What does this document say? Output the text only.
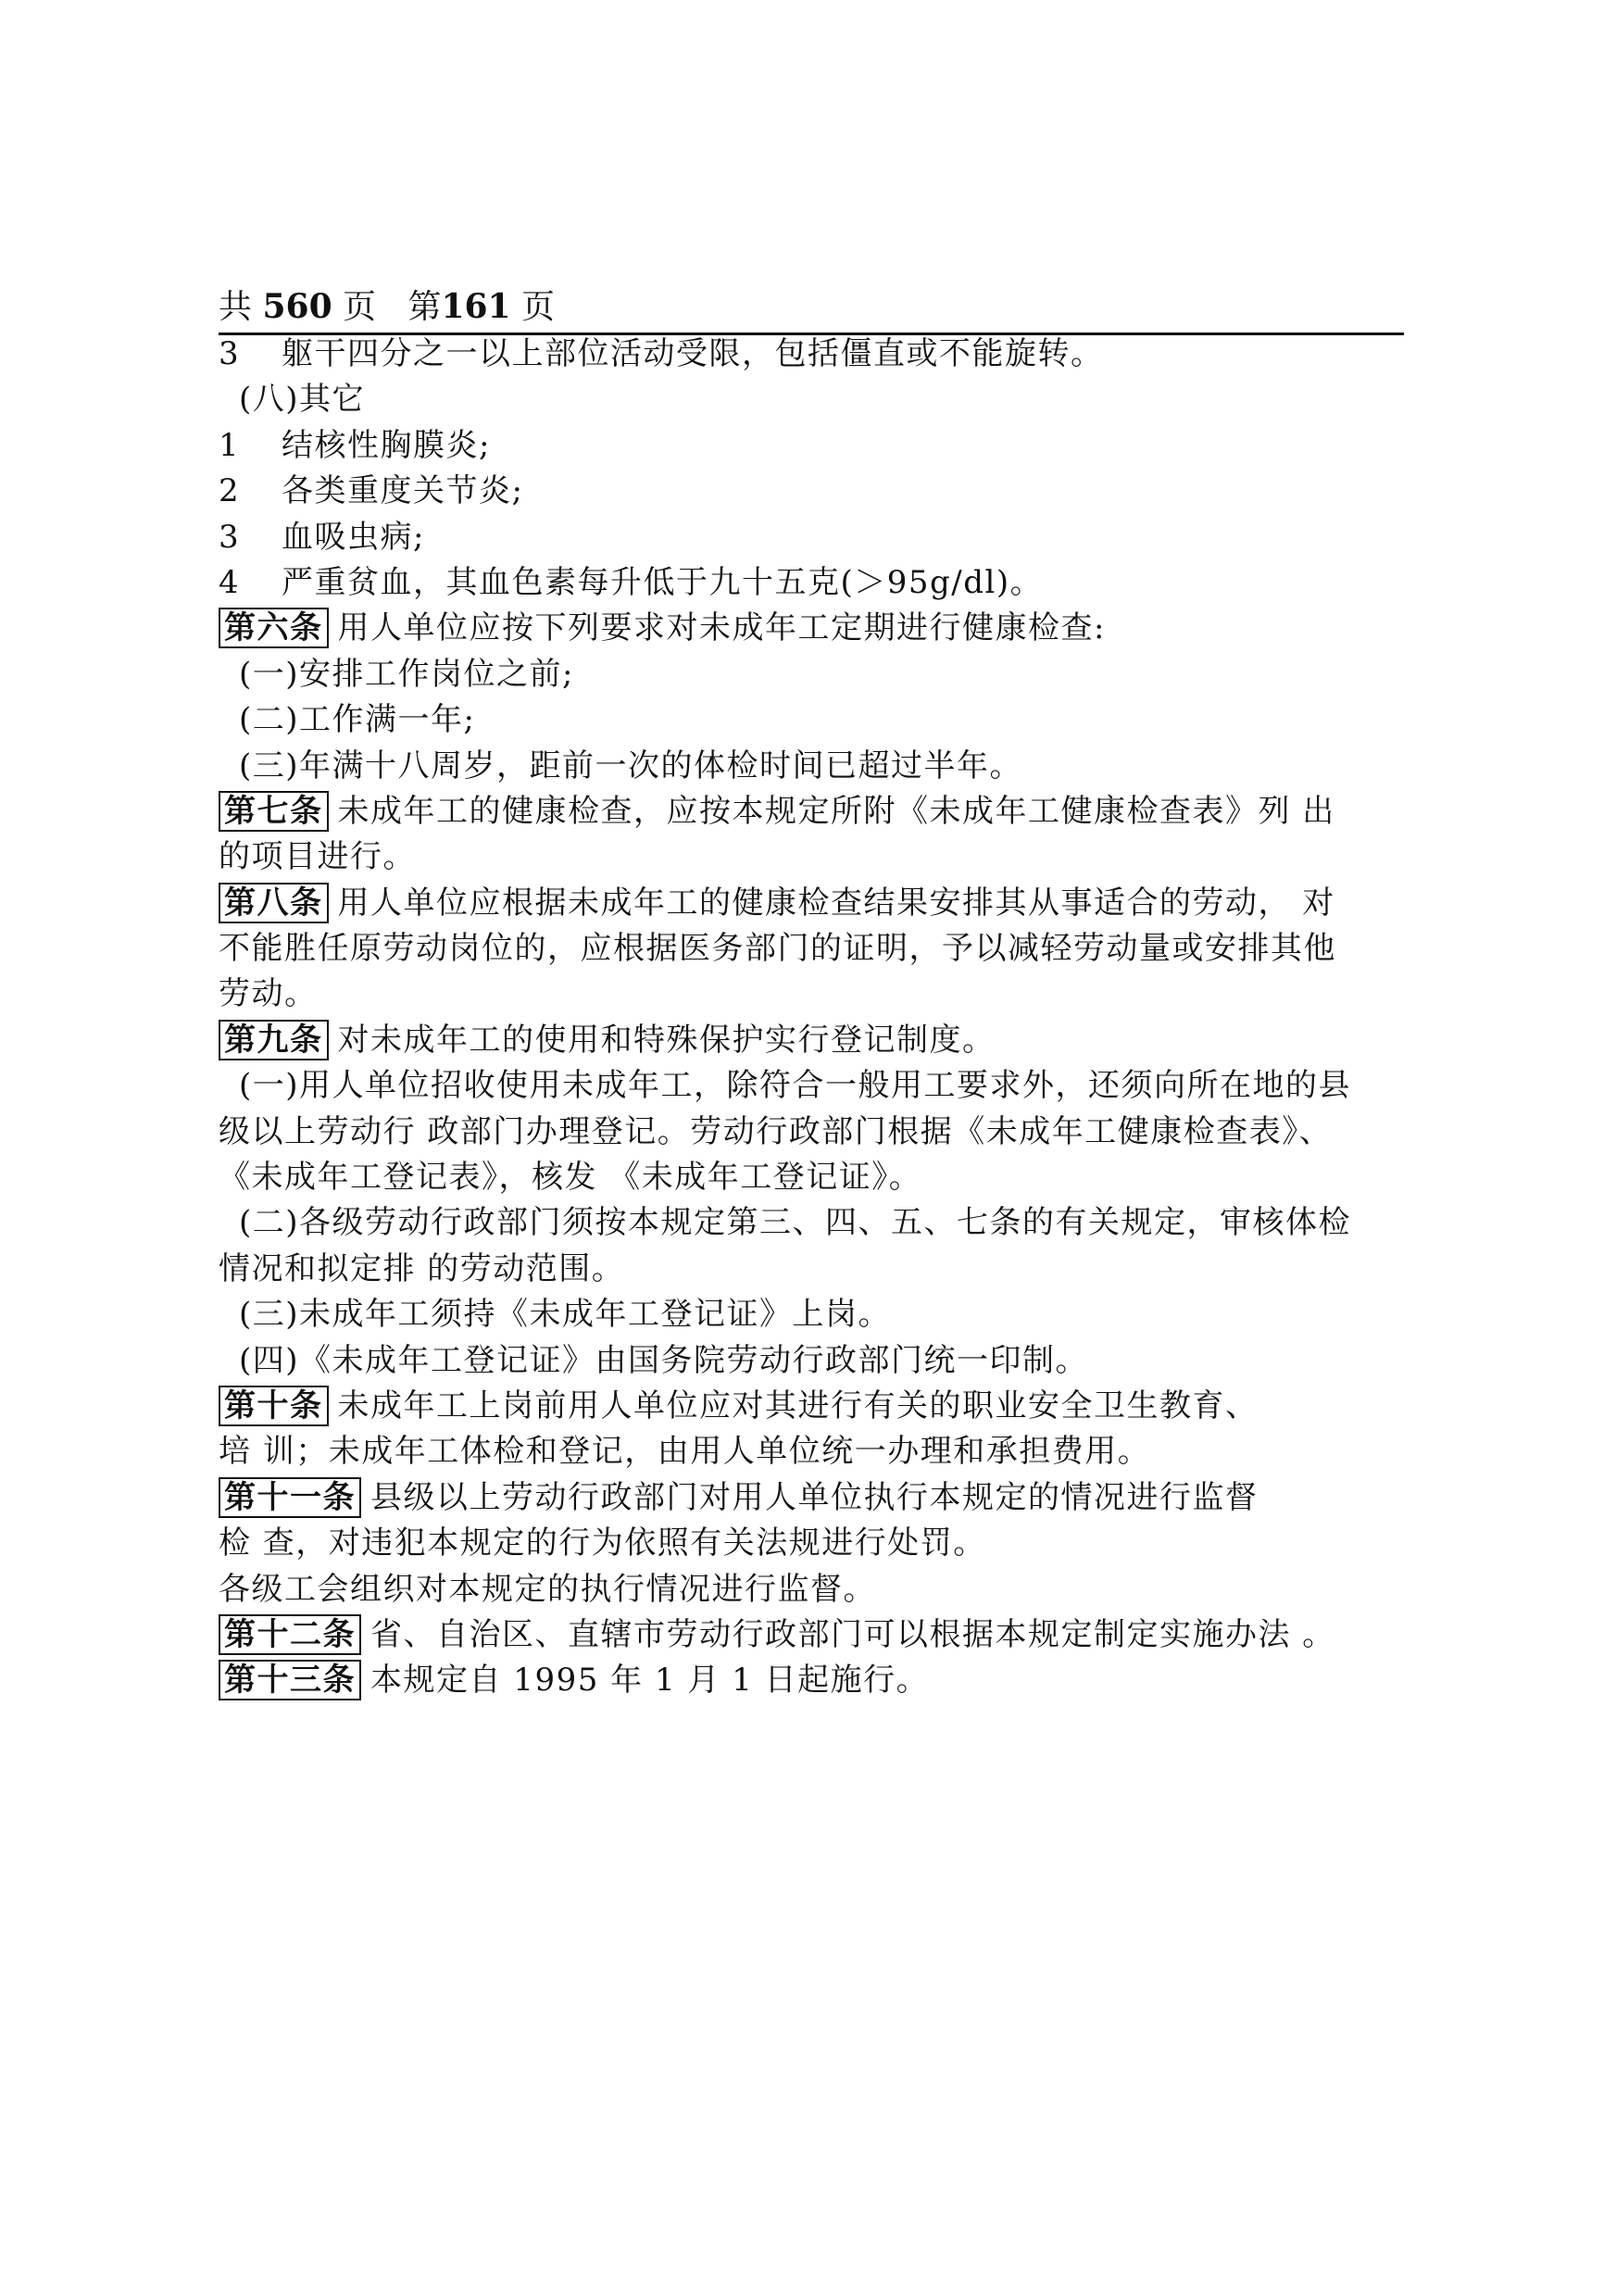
共 560 页 第161 页
3 躯干四分之一以上部位活动受限，包括僵直或不能旋转。
(八)其它
1 结核性胸膜炎;
2 各类重度关节炎;
3 血吸虫病;
4 严重贫血，其血色素每升低于九十五克(＞95g/dl)。
第六条 用人单位应按下列要求对未成年工定期进行健康检查:
(一)安排工作岗位之前;
(二)工作满一年;
(三)年满十八周岁，距前一次的体检时间已超过半年。
第七条 未成年工的健康检查，应按本规定所附《未成年工健康检查表》列 出
的项目进行。
第八条 用人单位应根据未成年工的健康检查结果安排其从事适合的劳动， 对
不能胜任原劳动岗位的，应根据医务部门的证明，予以减轻劳动量或安排其他
劳动。
第九条 对未成年工的使用和特殊保护实行登记制度。
(一)用人单位招收使用未成年工，除符合一般用工要求外，还须向所在地的县
级以上劳动行 政部门办理登记。劳动行政部门根据《未成年工健康检查表》、
《未成年工登记表》，核发 《未成年工登记证》。
(二)各级劳动行政部门须按本规定第三、四、五、七条的有关规定，审核体检
情况和拟定排 的劳动范围。
(三)未成年工须持《未成年工登记证》上岗。
(四)《未成年工登记证》由国务院劳动行政部门统一印制。
第十条 未成年工上岗前用人单位应对其进行有关的职业安全卫生教育、
培 训；未成年工体检和登记，由用人单位统一办理和承担费用。
第十一条 县级以上劳动行政部门对用人单位执行本规定的情况进行监督
检 查，对违犯本规定的行为依照有关法规进行处罚。
各级工会组织对本规定的执行情况进行监督。
第十二条 省、自治区、直辖市劳动行政部门可以根据本规定制定实施办法 。
第十三条 本规定自 1995 年 1 月 1 日起施行。
